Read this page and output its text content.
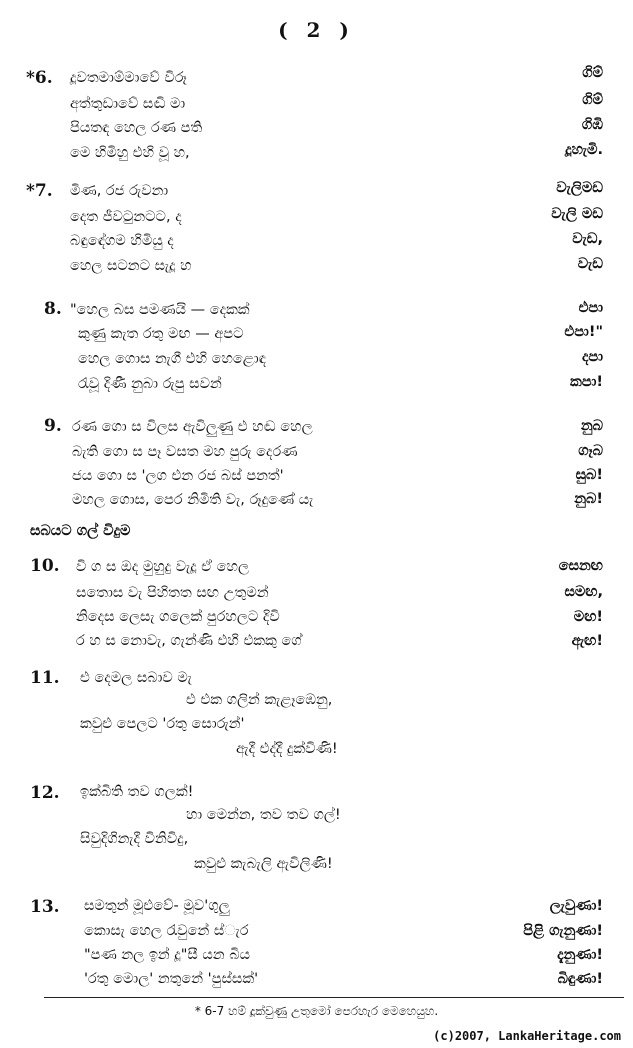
( 2 )
*6. දූවතමාම්මාවේ විරූ	ගිම්
අත්තුඩාවේ සඬි මා	ගිම්
පියතඳ හෙල රණ පති	ගිඹි
මෙ හිමිහු එහි වූ හ,	දූහැමි.
*7. මිණ, රජ රුවනා	වැලිමඩ
දෙත ජීවටුනටට, ද	වැලි මඩ
බඳුඳේගම හිමියු ද	වැඩ,
හෙල සටනට සැදූ හ	වැඩ
8. "හෙල බස පමණයි — දෙකක්	එපා
කුණු කැත රතු මඟ — අපට	එපා!"
හෙල ගොස නැගී එහි හෙළොඳ	දපා
රැවූ දිණී නුබා රුපු සවන්	කපා!
9. රණ ගො ස විලස ඇවිලුණු එ හඬ හෙල	නුබ
බැති ගො ස පෑ වසත මහ පුරු දෙරණ	ගෑබ
ජය ගො ස 'ලග එන රජ බස් පනත්'	සුබ!
මහල ගොස, පෙර නිමිති වැ, රූදුණේ යැ	නුබ!
සබයට ගල් විදුම
10. වි ග ස ඔද මුහුදු වැදූ ඒ හෙල	සෙනඟ
සතොස වැ පිහිතත සඟ උතුමන්	සමඟ,
නිදෙස ලෙසැ ගලෙක් පුරහලට දිවි	මඟ!
ර හ ස නොවැ, ගැන්ණි එහි එකකු ගේ	ඇඟ!
11. එ දෙමල සබාව මැ
එ එක ගලින් කැළෑඹෙනු,
කවුළු පෙලට 'රතු සොරුන්'
ඇදී එද්දී දුක්විණි!
12. ඉක්බිති තව ගලක්!
හා මෙන්න, තව තව ගල්!
සිවුදිගිනැදී විනිවිදු,
කවුළු කැබැලි ඇවිලිණි!
13. සමතුන් මූළුවේ- මූව'ගුලු	ලැවුණා!
කොසැ හෙල රැවුනේ ස්ැර	පිළි ගැනුණා!
"පණ නල ඉන් දූ"සී යන බිය	දැනුණා!
'රතු මොල' නතුනේ 'පුස්සක්'	බිඳුණා!
* 6-7 හම් දූක්වුණු උතුමෝ පෙරහැර මෙහෙයුහ.
(c)2007, LankaHeritage.com
